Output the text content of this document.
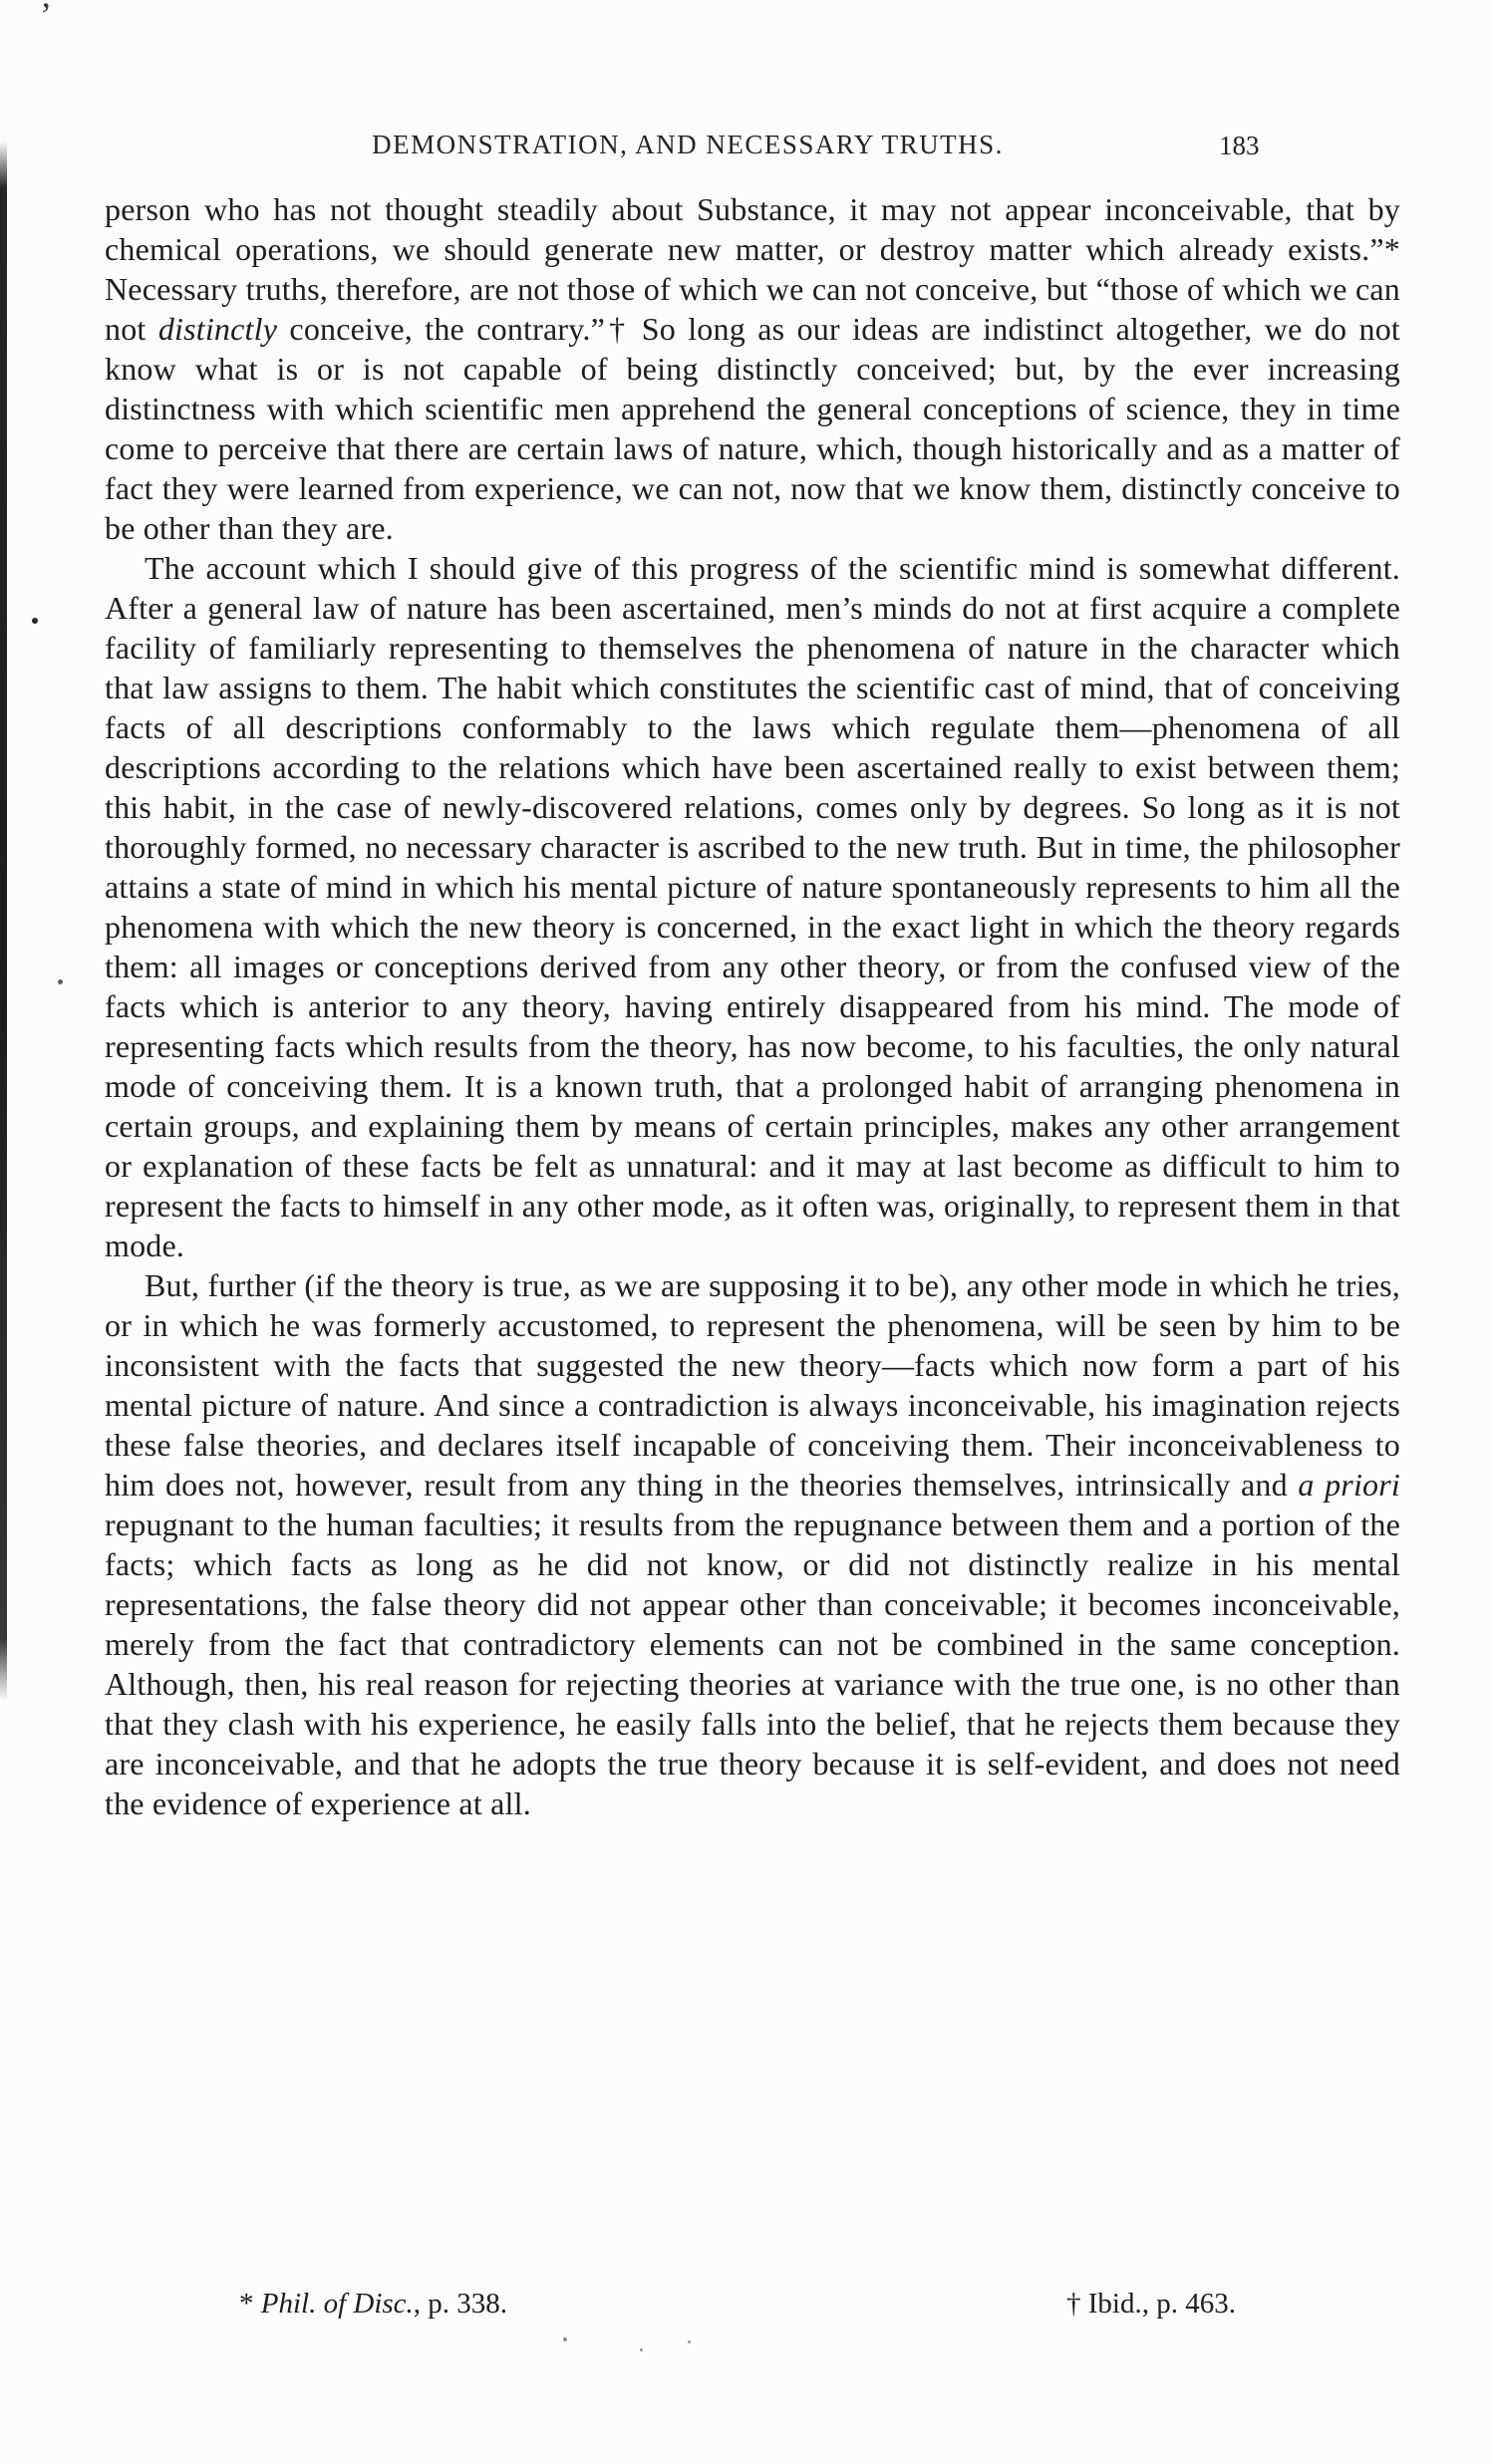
’
DEMONSTRATION, AND NECESSARY TRUTHS.	183

person who has not thought steadily about Substance, it may not appear inconceivable, that by chemical operations, we should generate new matter, or destroy matter which already exists.”* Necessary truths, therefore, are not those of which we can not conceive, but “those of which we can not distinctly conceive, the contrary.”† So long as our ideas are indistinct altogether, we do not know what is or is not capable of being distinctly conceived; but, by the ever increasing distinctness with which scientific men apprehend the general conceptions of science, they in time come to perceive that there are certain laws of nature, which, though historically and as a matter of fact they were learned from experience, we can not, now that we know them, distinctly conceive to be other than they are.

The account which I should give of this progress of the scientific mind is somewhat different. After a general law of nature has been ascertained, men’s minds do not at first acquire a complete facility of familiarly representing to themselves the phenomena of nature in the character which that law assigns to them. The habit which constitutes the scientific cast of mind, that of conceiving facts of all descriptions conformably to the laws which regulate them—phenomena of all descriptions according to the relations which have been ascertained really to exist between them; this habit, in the case of newly-discovered relations, comes only by degrees. So long as it is not thoroughly formed, no necessary character is ascribed to the new truth. But in time, the philosopher attains a state of mind in which his mental picture of nature spontaneously represents to him all the phenomena with which the new theory is concerned, in the exact light in which the theory regards them: all images or conceptions derived from any other theory, or from the confused view of the facts which is anterior to any theory, having entirely disappeared from his mind. The mode of representing facts which results from the theory, has now become, to his faculties, the only natural mode of conceiving them. It is a known truth, that a prolonged habit of arranging phenomena in certain groups, and explaining them by means of certain principles, makes any other arrangement or explanation of these facts be felt as unnatural: and it may at last become as difficult to him to represent the facts to himself in any other mode, as it often was, originally, to represent them in that mode.

But, further (if the theory is true, as we are supposing it to be), any other mode in which he tries, or in which he was formerly accustomed, to represent the phenomena, will be seen by him to be inconsistent with the facts that suggested the new theory—facts which now form a part of his mental picture of nature. And since a contradiction is always inconceivable, his imagination rejects these false theories, and declares itself incapable of conceiving them. Their inconceivableness to him does not, however, result from any thing in the theories themselves, intrinsically and a priori repugnant to the human faculties; it results from the repugnance between them and a portion of the facts; which facts as long as he did not know, or did not distinctly realize in his mental representations, the false theory did not appear other than conceivable; it becomes inconceivable, merely from the fact that contradictory elements can not be combined in the same conception. Although, then, his real reason for rejecting theories at variance with the true one, is no other than that they clash with his experience, he easily falls into the belief, that he rejects them because they are inconceivable, and that he adopts the true theory because it is self-evident, and does not need the evidence of experience at all.

* Phil. of Disc., p. 338.	† Ibid., p. 463.
